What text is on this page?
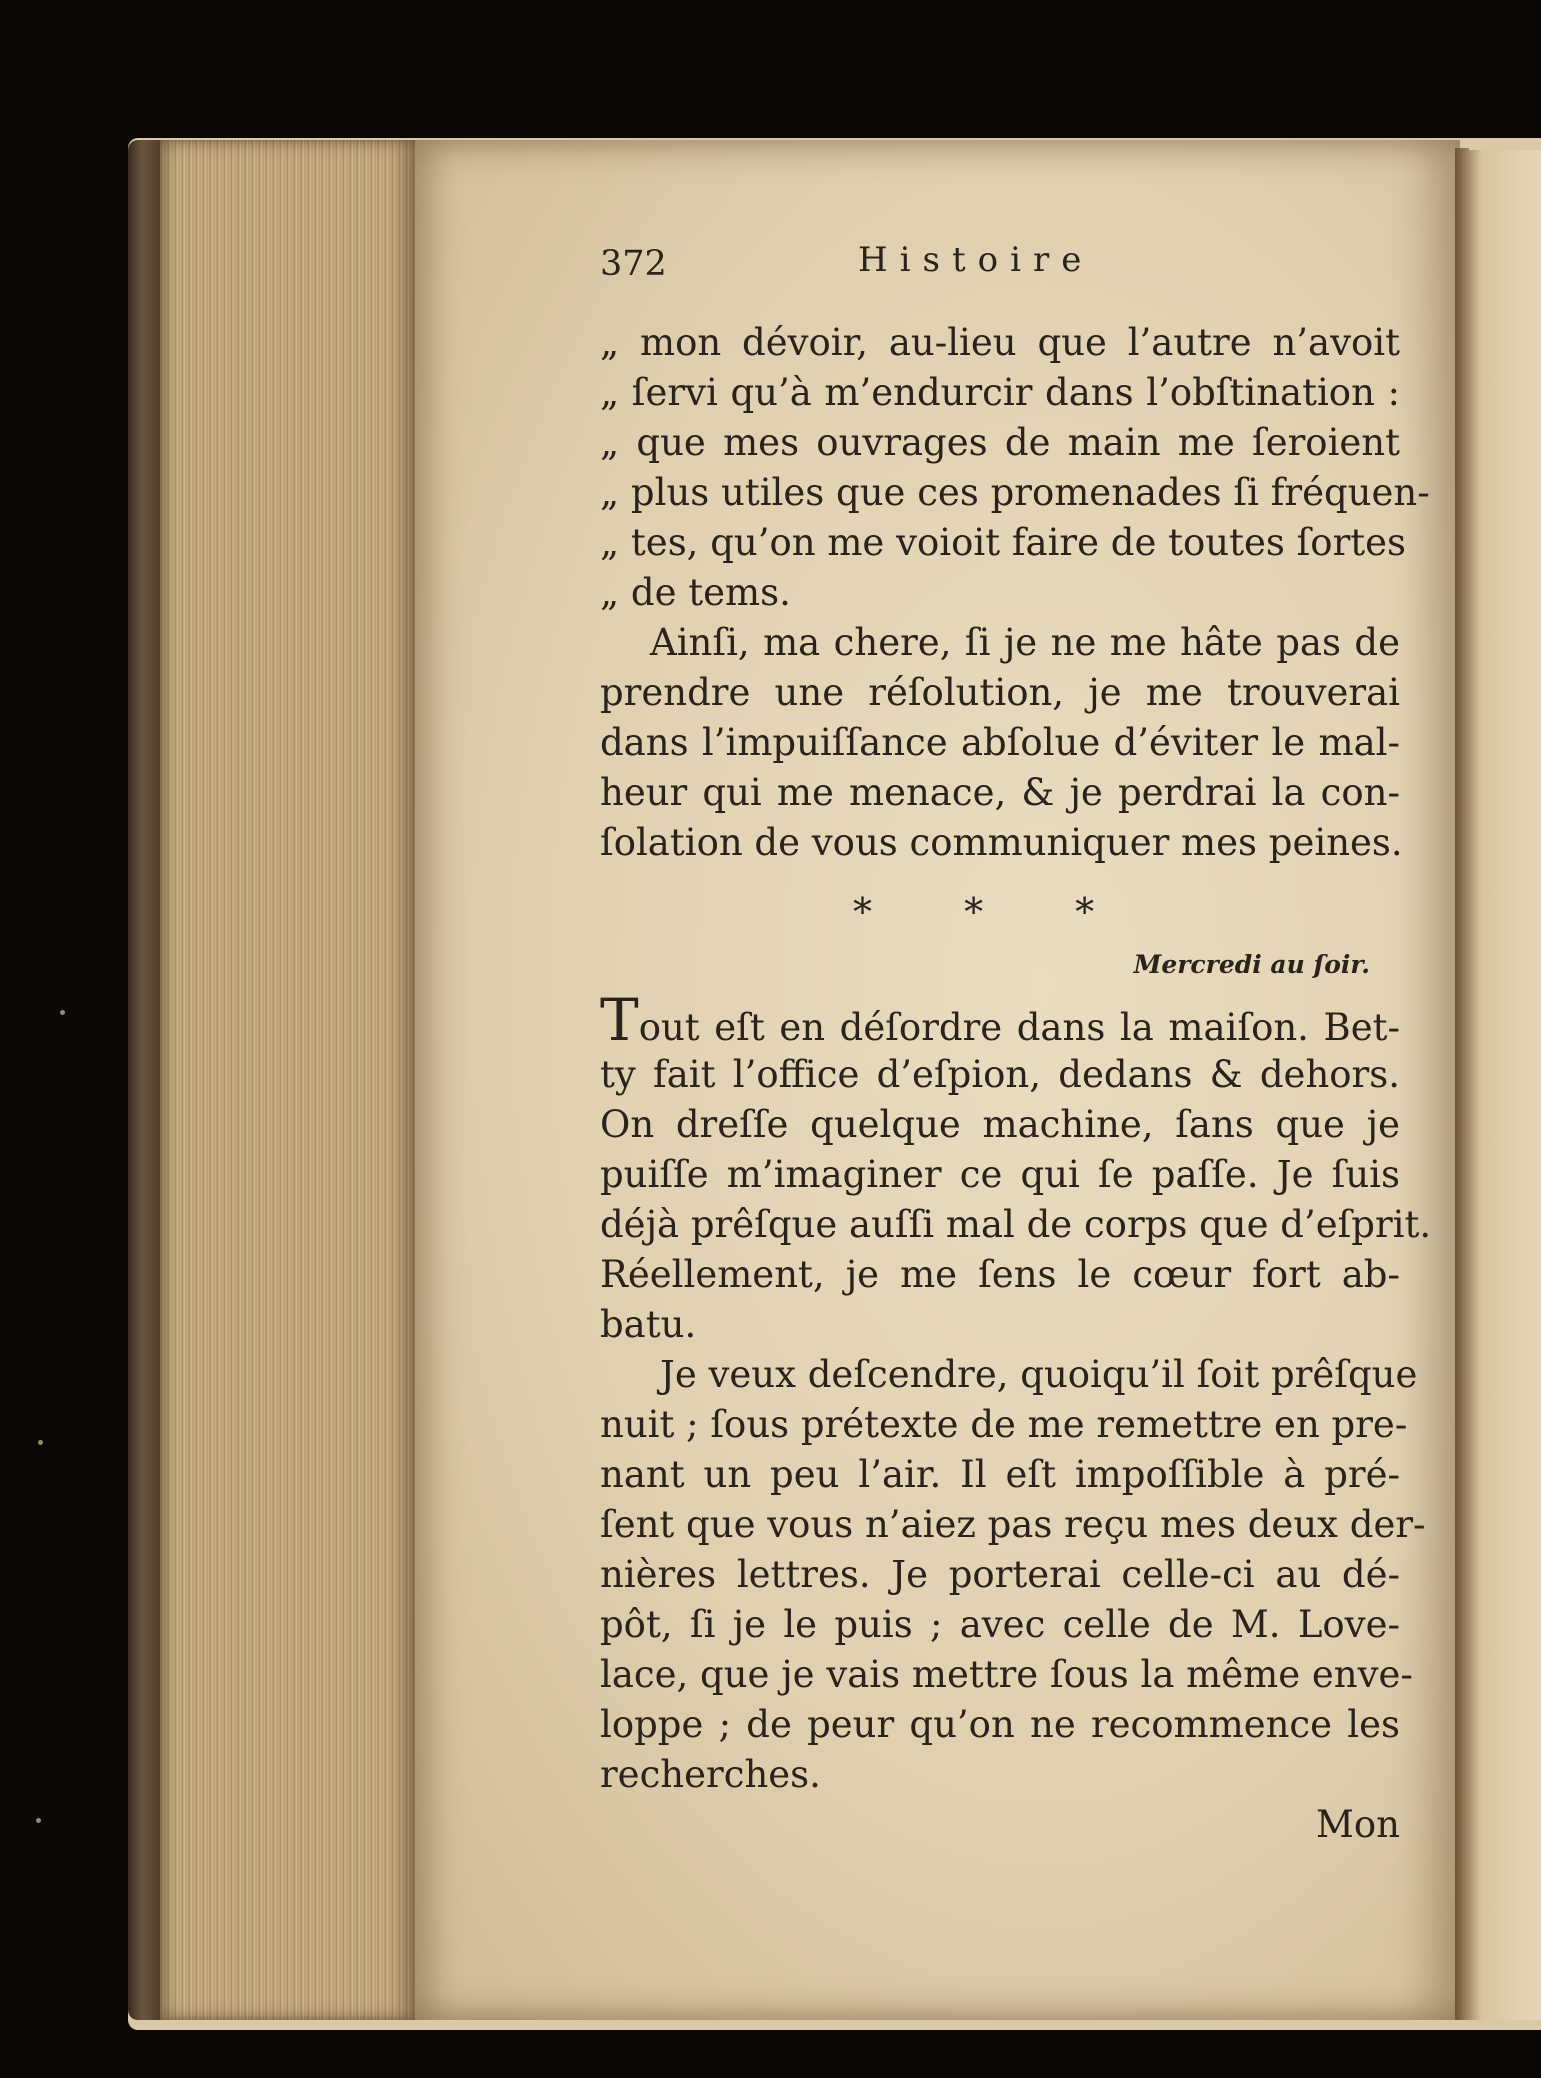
372	Histoire
„ mon dévoir, au-lieu que l’autre n’avoit
„ ſervi qu’à m’endurcir dans l’obſtination :
„ que mes ouvrages de main me ſeroient
„ plus utiles que ces promenades ſi fréquen-
„ tes, qu’on me voioit faire de toutes ſortes
„ de tems.
Ainſi, ma chere, ſi je ne me hâte pas de
prendre une réſolution, je me trouverai
dans l’impuiſſance abſolue d’éviter le mal-
heur qui me menace, & je perdrai la con-
ſolation de vous communiquer mes peines.
* * *
Mercredi au ſoir.
Tout eſt en déſordre dans la maiſon. Bet-
ty fait l’office d’eſpion, dedans & dehors.
On dreſſe quelque machine, ſans que je
puiſſe m’imaginer ce qui ſe paſſe. Je ſuis
déjà prêſque auſſi mal de corps que d’eſprit.
Réellement, je me ſens le cœur fort ab-
batu.
Je veux deſcendre, quoiqu’il ſoit prêſque
nuit ; ſous prétexte de me remettre en pre-
nant un peu l’air. Il eſt impoſſible à pré-
ſent que vous n’aiez pas reçu mes deux der-
nières lettres. Je porterai celle-ci au dé-
pôt, ſi je le puis ; avec celle de M. Love-
lace, que je vais mettre ſous la même enve-
loppe ; de peur qu’on ne recommence les
recherches.
Mon
